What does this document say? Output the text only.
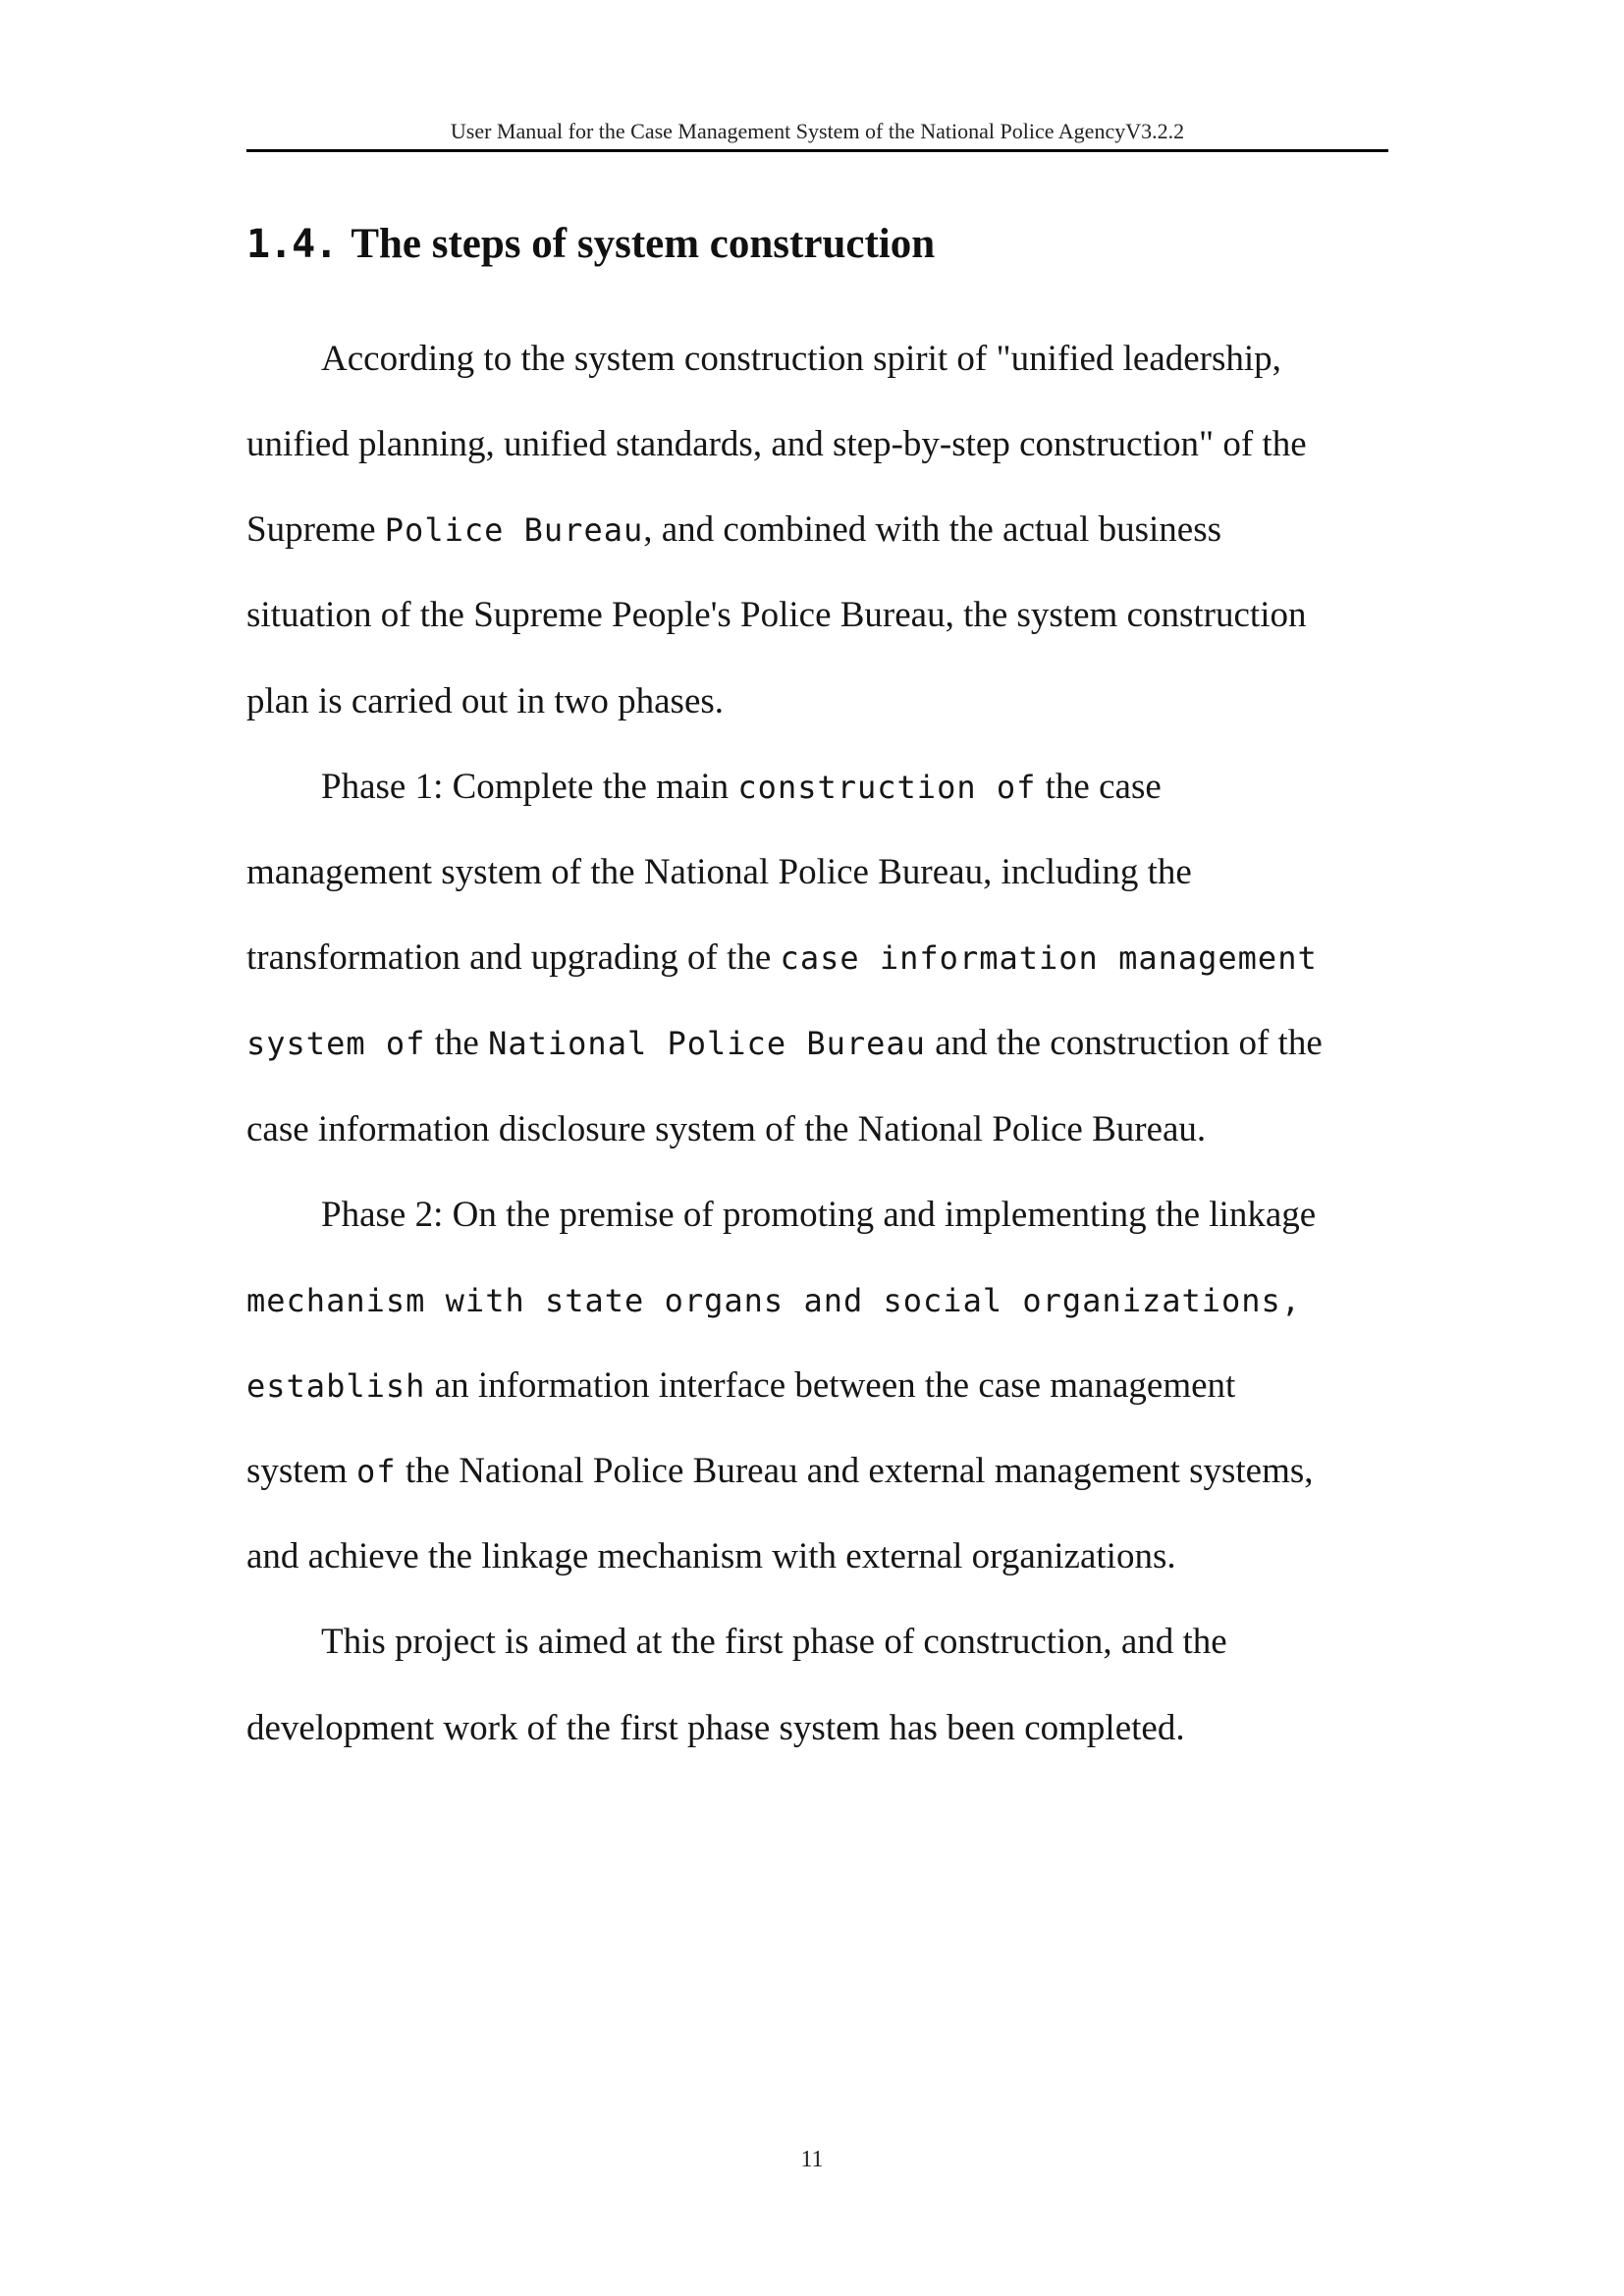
User Manual for the Case Management System of the National Police AgencyV3.2.2
1.4. The steps of system construction
According to the system construction spirit of "unified leadership,
unified planning, unified standards, and step-by-step construction" of the
Supreme Police Bureau, and combined with the actual business
situation of the Supreme People's Police Bureau, the system construction
plan is carried out in two phases.
Phase 1: Complete the main construction of the case
management system of the National Police Bureau, including the
transformation and upgrading of the case information management
system of the National Police Bureau and the construction of the
case information disclosure system of the National Police Bureau.
Phase 2: On the premise of promoting and implementing the linkage
mechanism with state organs and social organizations,
establish an information interface between the case management
system of the National Police Bureau and external management systems,
and achieve the linkage mechanism with external organizations.
This project is aimed at the first phase of construction, and the
development work of the first phase system has been completed.
11
